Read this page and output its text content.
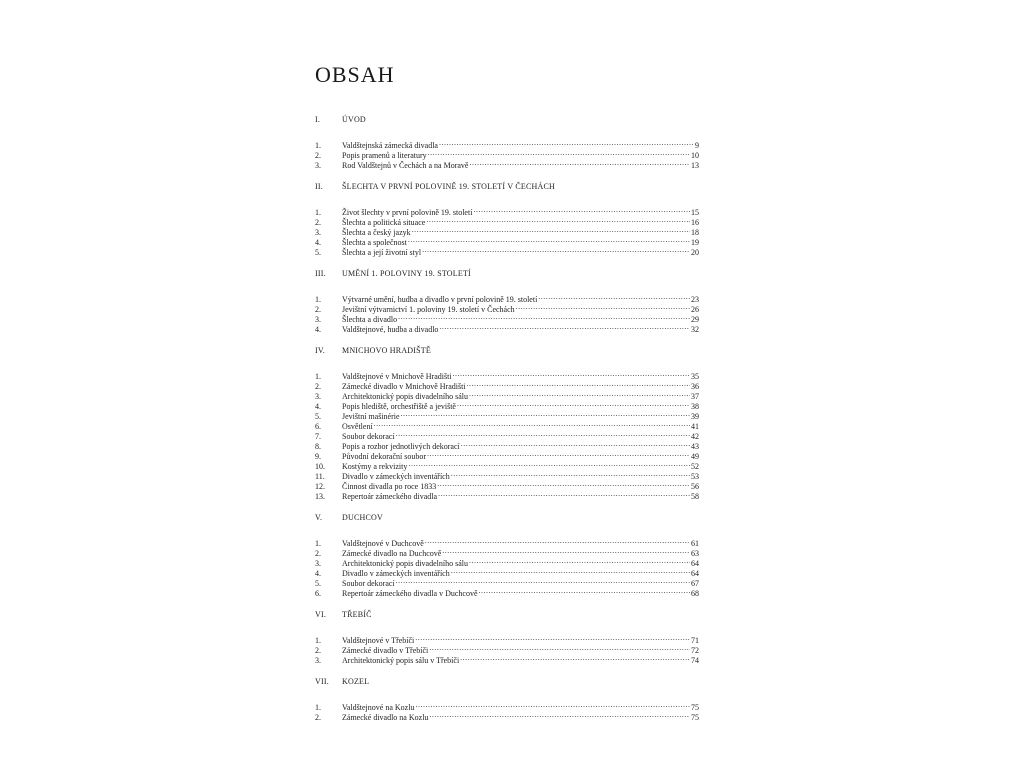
OBSAH
I.	ÚVOD
1.	Valdštejnská zámecká divadla .....	9
2.	Popis pramenů a literatury .....	10
3.	Rod Valdštejnů v Čechách a na Moravě .....	13
II.	ŠLECHTA V PRVNÍ POLOVINĚ 19. STOLETÍ V ČECHÁCH
1.	Život šlechty v první polovině 19. století .....	15
2.	Šlechta a politická situace .....	16
3.	Šlechta a český jazyk .....	18
4.	Šlechta a společnost .....	19
5.	Šlechta a její životní styl .....	20
III.	UMĚNÍ 1. POLOVINY 19. STOLETÍ
1.	Výtvarné umění, hudba a divadlo v první polovině 19. století .....	23
2.	Jevištní výtvarnictví 1. poloviny 19. století v Čechách .....	26
3.	Šlechta a divadlo .....	29
4.	Valdštejnové, hudba a divadlo .....	32
IV.	MNICHOVO HRADIŠTĚ
1.	Valdštejnové v Mnichově Hradišti .....	35
2.	Zámecké divadlo v Mnichově Hradišti .....	36
3.	Architektonický popis divadelního sálu .....	37
4.	Popis hlediště, orchestřiště a jeviště .....	38
5.	Jevištní mašinérie .....	39
6.	Osvětlení .....	41
7.	Soubor dekorací .....	42
8.	Popis a rozbor jednotlivých dekorací .....	43
9.	Původní dekorační soubor .....	49
10.	Kostýmy a rekvizity .....	52
11.	Divadlo v zámeckých inventářích .....	53
12.	Činnost divadla po roce 1833 .....	56
13.	Repertoár zámeckého divadla .....	58
V.	DUCHCOV
1.	Valdštejnové v Duchcově .....	61
2.	Zámecké divadlo na Duchcově .....	63
3.	Architektonický popis divadelního sálu .....	64
4.	Divadlo v zámeckých inventářích .....	64
5.	Soubor dekorací .....	67
6.	Repertoár zámeckého divadla v Duchcově .....	68
VI.	TŘEBÍČ
1.	Valdštejnové v Třebíči .....	71
2.	Zámecké divadlo v Třebíči .....	72
3.	Architektonický popis sálu v Třebíči .....	74
VII.	KOZEL
1.	Valdštejnové na Kozlu .....	75
2.	Zámecké divadlo na Kozlu .....	75
